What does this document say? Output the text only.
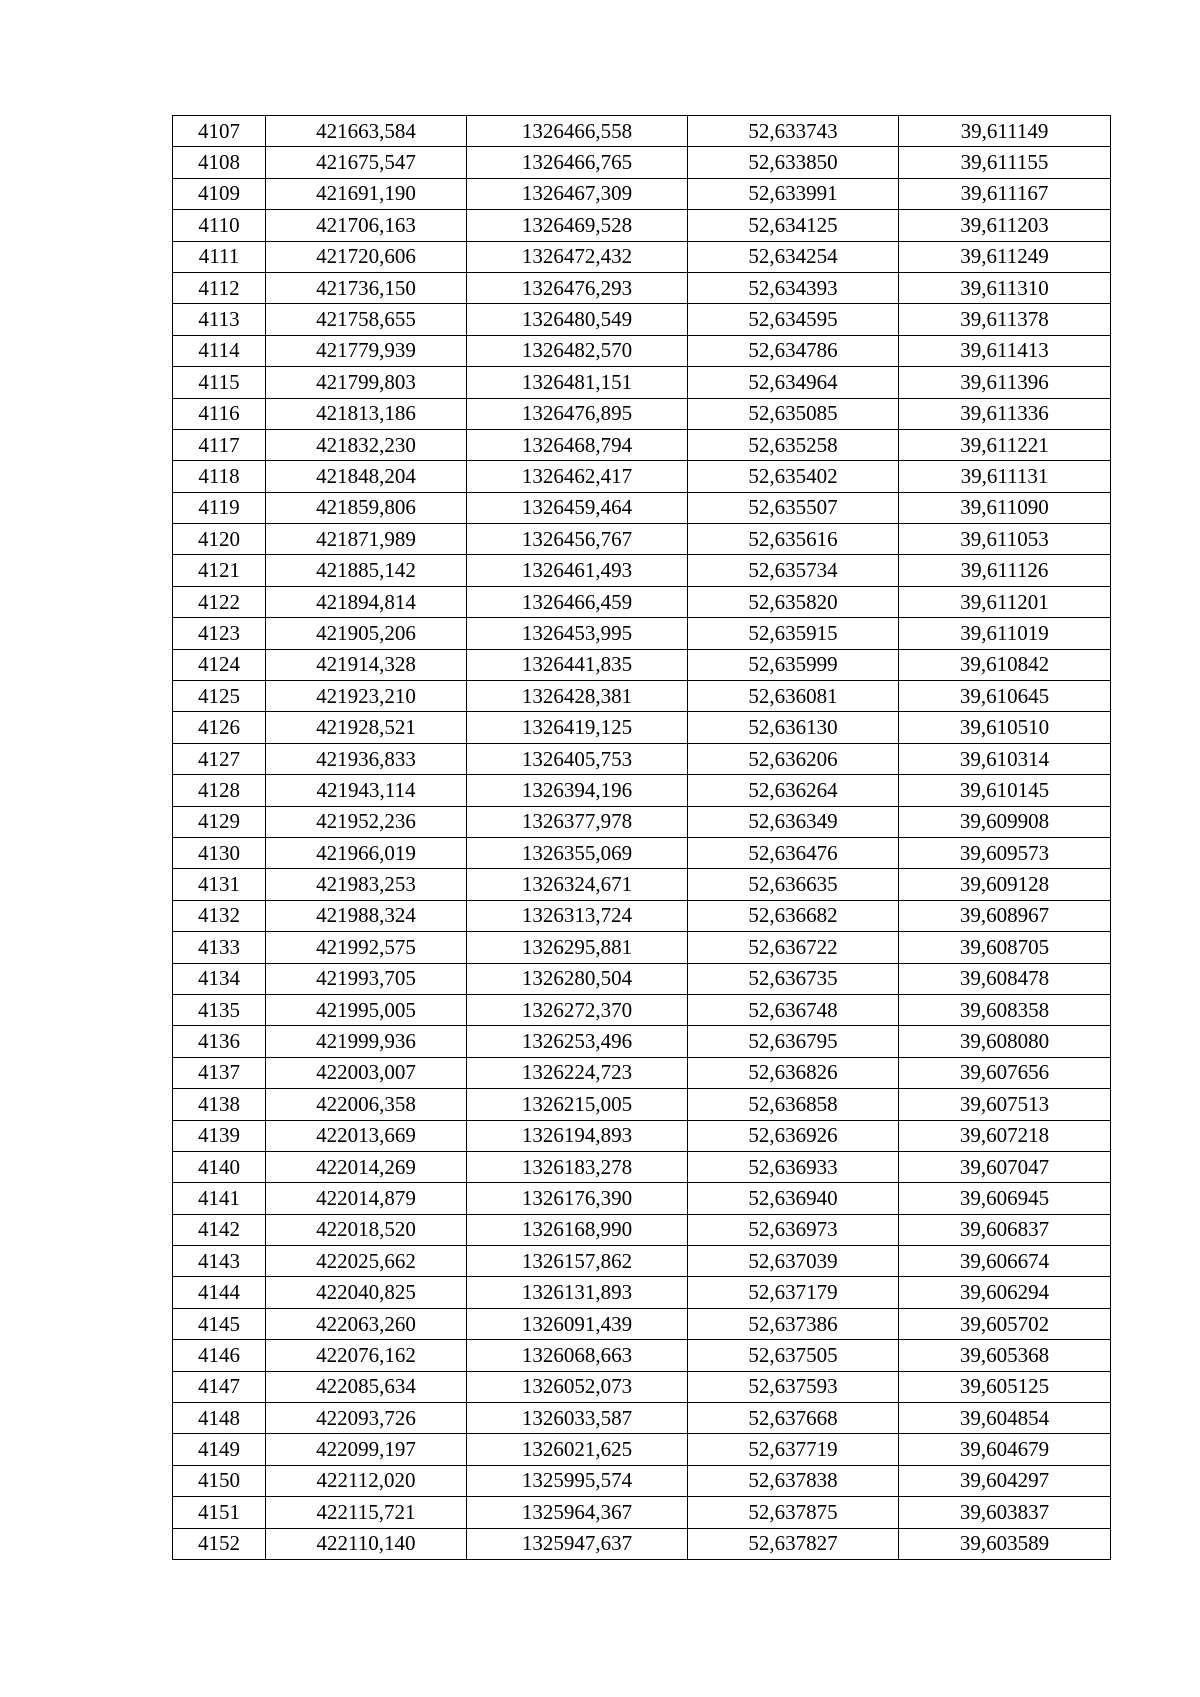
4107	421663,584	1326466,558	52,633743	39,611149
4108	421675,547	1326466,765	52,633850	39,611155
4109	421691,190	1326467,309	52,633991	39,611167
4110	421706,163	1326469,528	52,634125	39,611203
4111	421720,606	1326472,432	52,634254	39,611249
4112	421736,150	1326476,293	52,634393	39,611310
4113	421758,655	1326480,549	52,634595	39,611378
4114	421779,939	1326482,570	52,634786	39,611413
4115	421799,803	1326481,151	52,634964	39,611396
4116	421813,186	1326476,895	52,635085	39,611336
4117	421832,230	1326468,794	52,635258	39,611221
4118	421848,204	1326462,417	52,635402	39,611131
4119	421859,806	1326459,464	52,635507	39,611090
4120	421871,989	1326456,767	52,635616	39,611053
4121	421885,142	1326461,493	52,635734	39,611126
4122	421894,814	1326466,459	52,635820	39,611201
4123	421905,206	1326453,995	52,635915	39,611019
4124	421914,328	1326441,835	52,635999	39,610842
4125	421923,210	1326428,381	52,636081	39,610645
4126	421928,521	1326419,125	52,636130	39,610510
4127	421936,833	1326405,753	52,636206	39,610314
4128	421943,114	1326394,196	52,636264	39,610145
4129	421952,236	1326377,978	52,636349	39,609908
4130	421966,019	1326355,069	52,636476	39,609573
4131	421983,253	1326324,671	52,636635	39,609128
4132	421988,324	1326313,724	52,636682	39,608967
4133	421992,575	1326295,881	52,636722	39,608705
4134	421993,705	1326280,504	52,636735	39,608478
4135	421995,005	1326272,370	52,636748	39,608358
4136	421999,936	1326253,496	52,636795	39,608080
4137	422003,007	1326224,723	52,636826	39,607656
4138	422006,358	1326215,005	52,636858	39,607513
4139	422013,669	1326194,893	52,636926	39,607218
4140	422014,269	1326183,278	52,636933	39,607047
4141	422014,879	1326176,390	52,636940	39,606945
4142	422018,520	1326168,990	52,636973	39,606837
4143	422025,662	1326157,862	52,637039	39,606674
4144	422040,825	1326131,893	52,637179	39,606294
4145	422063,260	1326091,439	52,637386	39,605702
4146	422076,162	1326068,663	52,637505	39,605368
4147	422085,634	1326052,073	52,637593	39,605125
4148	422093,726	1326033,587	52,637668	39,604854
4149	422099,197	1326021,625	52,637719	39,604679
4150	422112,020	1325995,574	52,637838	39,604297
4151	422115,721	1325964,367	52,637875	39,603837
4152	422110,140	1325947,637	52,637827	39,603589
